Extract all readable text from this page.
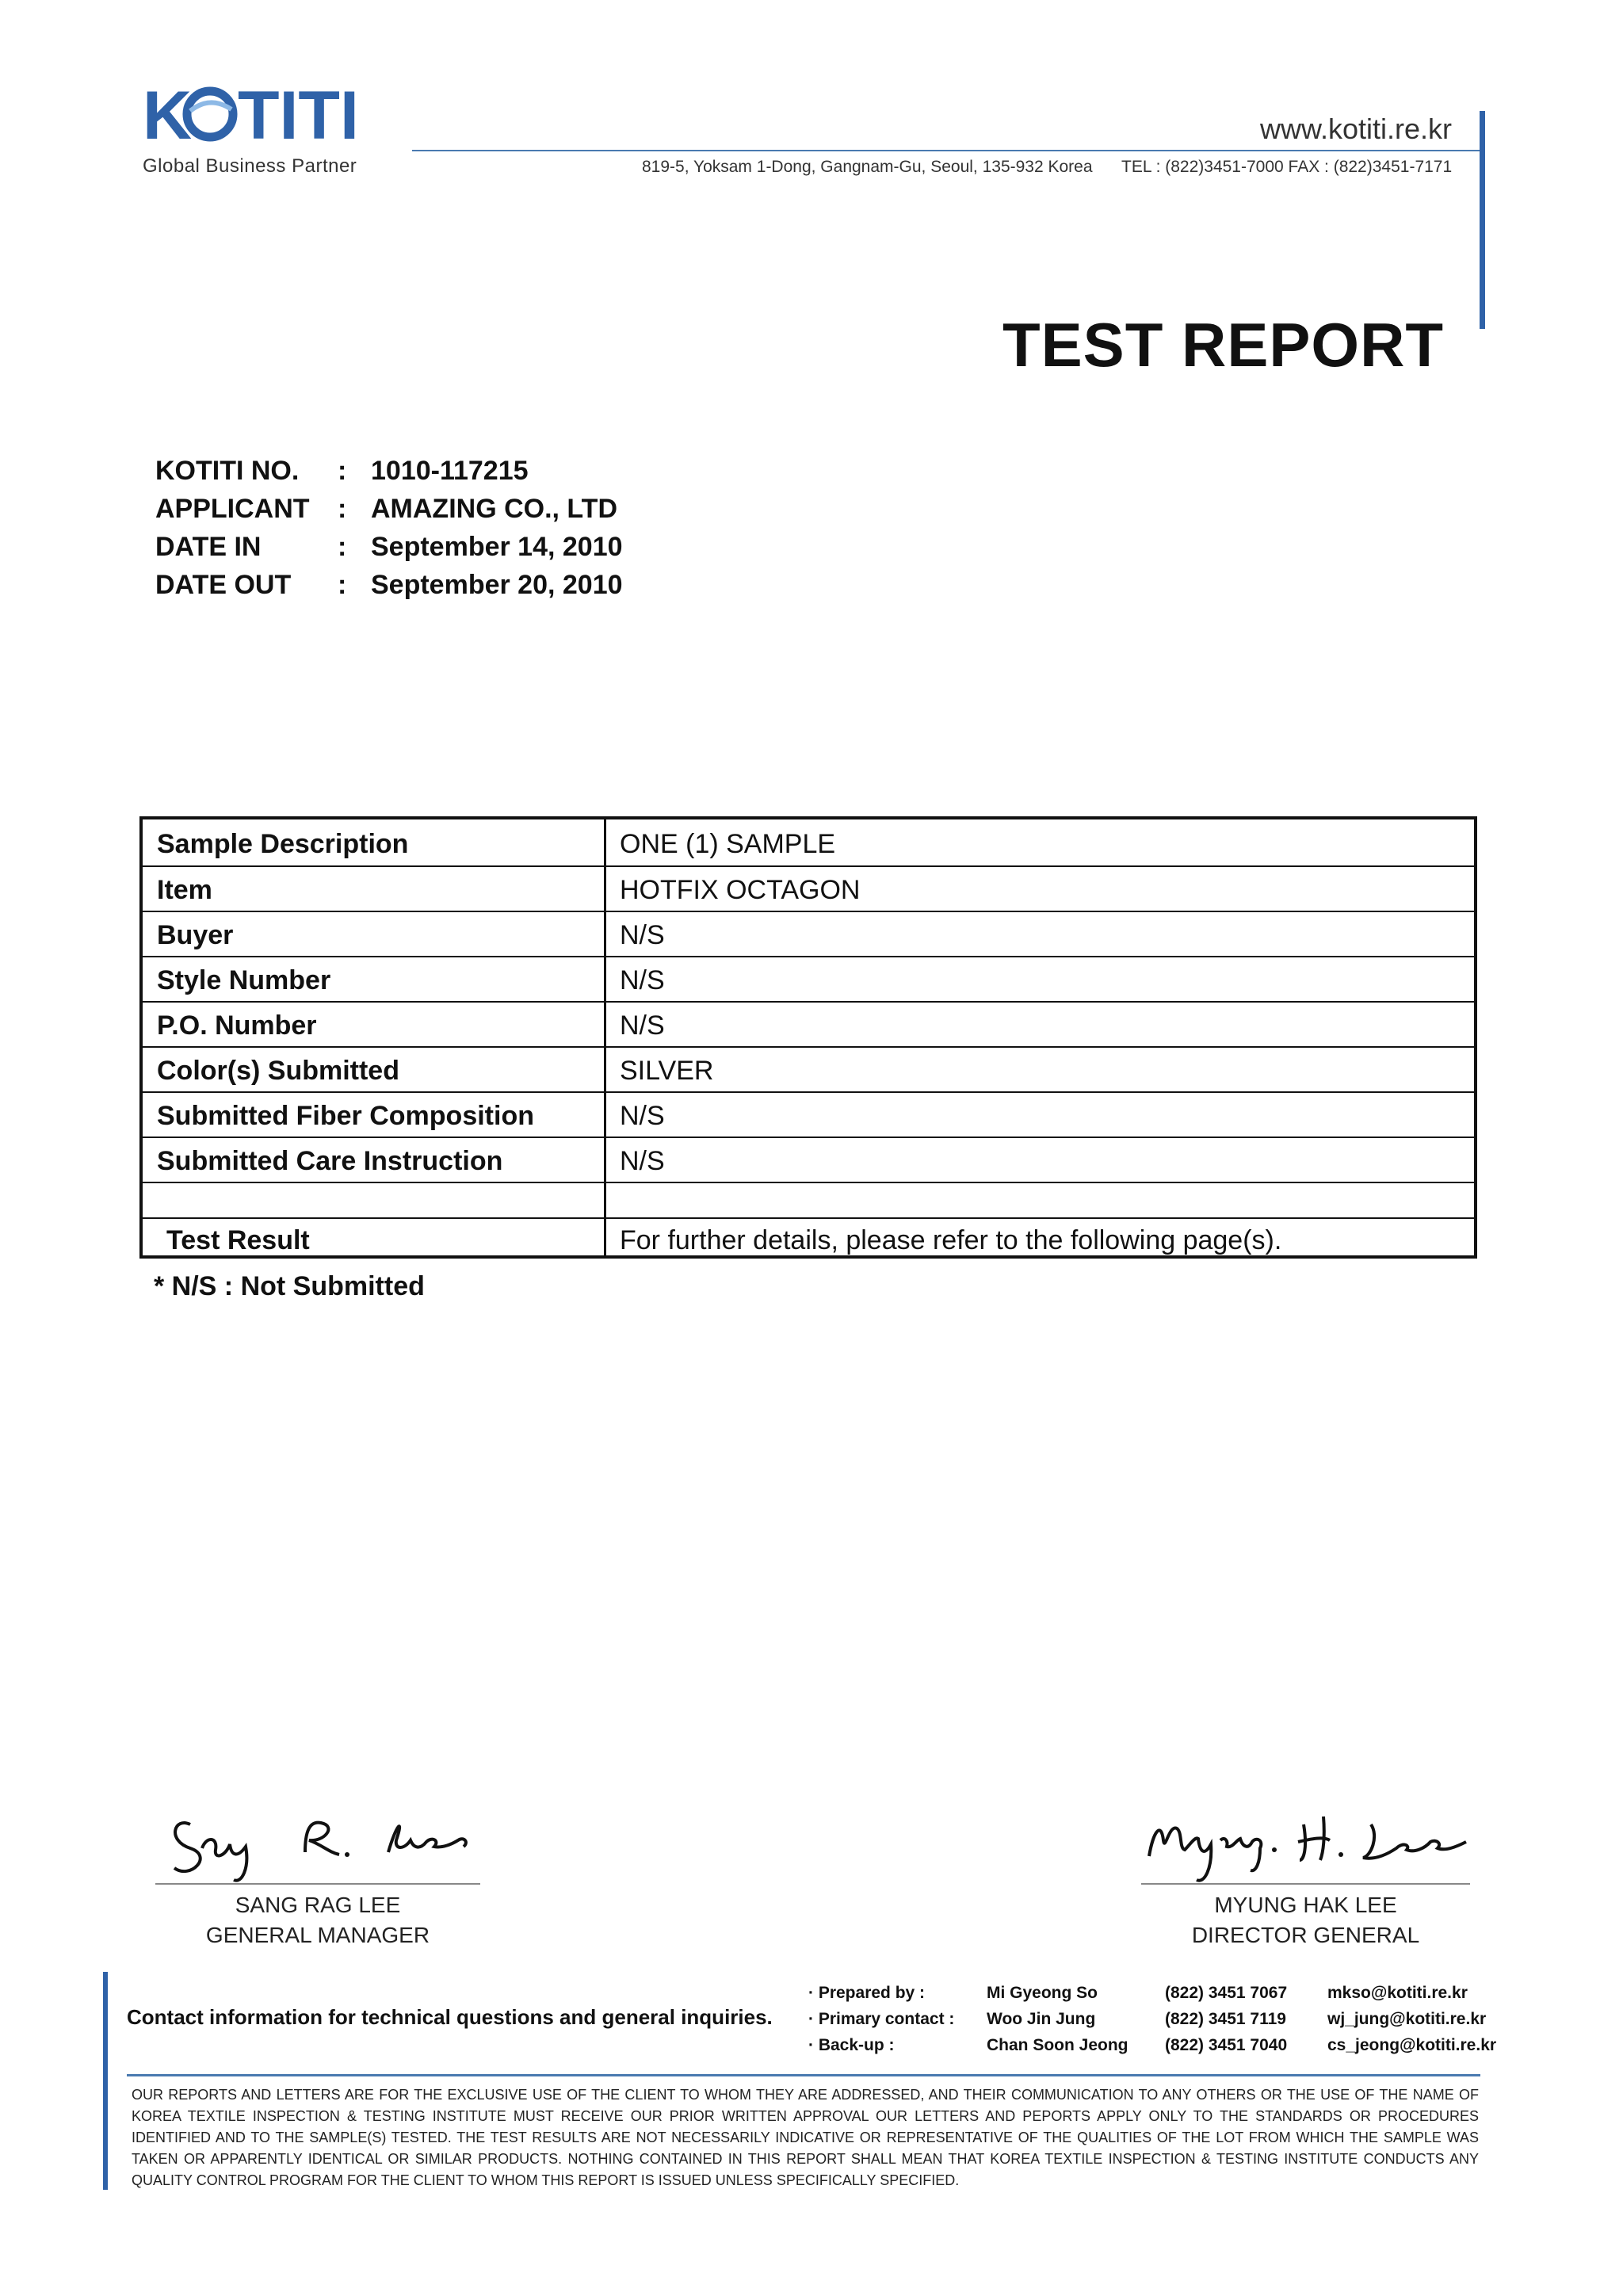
K TITI
Global Business Partner
www.kotiti.re.kr
819-5, Yoksam 1-Dong, Gangnam-Gu, Seoul, 135-932 Korea TEL : (822)3451-7000 FAX : (822)3451-7171
TEST REPORT
KOTITI NO.	: 1010-117215
APPLICANT	: AMAZING CO., LTD
DATE IN	: September 14, 2010
DATE OUT	: September 20, 2010
Sample Description	ONE (1) SAMPLE
Item	HOTFIX OCTAGON
Buyer	N/S
Style Number	N/S
P.O. Number	N/S
Color(s) Submitted	SILVER
Submitted Fiber Composition	N/S
Submitted Care Instruction	N/S
Test Result	For further details, please refer to the following page(s).
* N/S : Not Submitted
SANG RAG LEE
GENERAL MANAGER
MYUNG HAK LEE
DIRECTOR GENERAL
Contact information for technical questions and general inquiries.
· Prepared by :	Mi Gyeong So	(822) 3451 7067	mkso@kotiti.re.kr
· Primary contact :	Woo Jin Jung	(822) 3451 7119	wj_jung@kotiti.re.kr
· Back-up :	Chan Soon Jeong	(822) 3451 7040	cs_jeong@kotiti.re.kr
OUR REPORTS AND LETTERS ARE FOR THE EXCLUSIVE USE OF THE CLIENT TO WHOM THEY ARE ADDRESSED, AND THEIR COMMUNICATION TO ANY OTHERS OR THE USE OF THE NAME OF KOREA TEXTILE INSPECTION & TESTING INSTITUTE MUST RECEIVE OUR PRIOR WRITTEN APPROVAL OUR LETTERS AND PEPORTS APPLY ONLY TO THE STANDARDS OR PROCEDURES IDENTIFIED AND TO THE SAMPLE(S) TESTED. THE TEST RESULTS ARE NOT NECESSARILY INDICATIVE OR REPRESENTATIVE OF THE QUALITIES OF THE LOT FROM WHICH THE SAMPLE WAS TAKEN OR APPARENTLY IDENTICAL OR SIMILAR PRODUCTS. NOTHING CONTAINED IN THIS REPORT SHALL MEAN THAT KOREA TEXTILE INSPECTION & TESTING INSTITUTE CONDUCTS ANY QUALITY CONTROL PROGRAM FOR THE CLIENT TO WHOM THIS REPORT IS ISSUED UNLESS SPECIFICALLY SPECIFIED.
